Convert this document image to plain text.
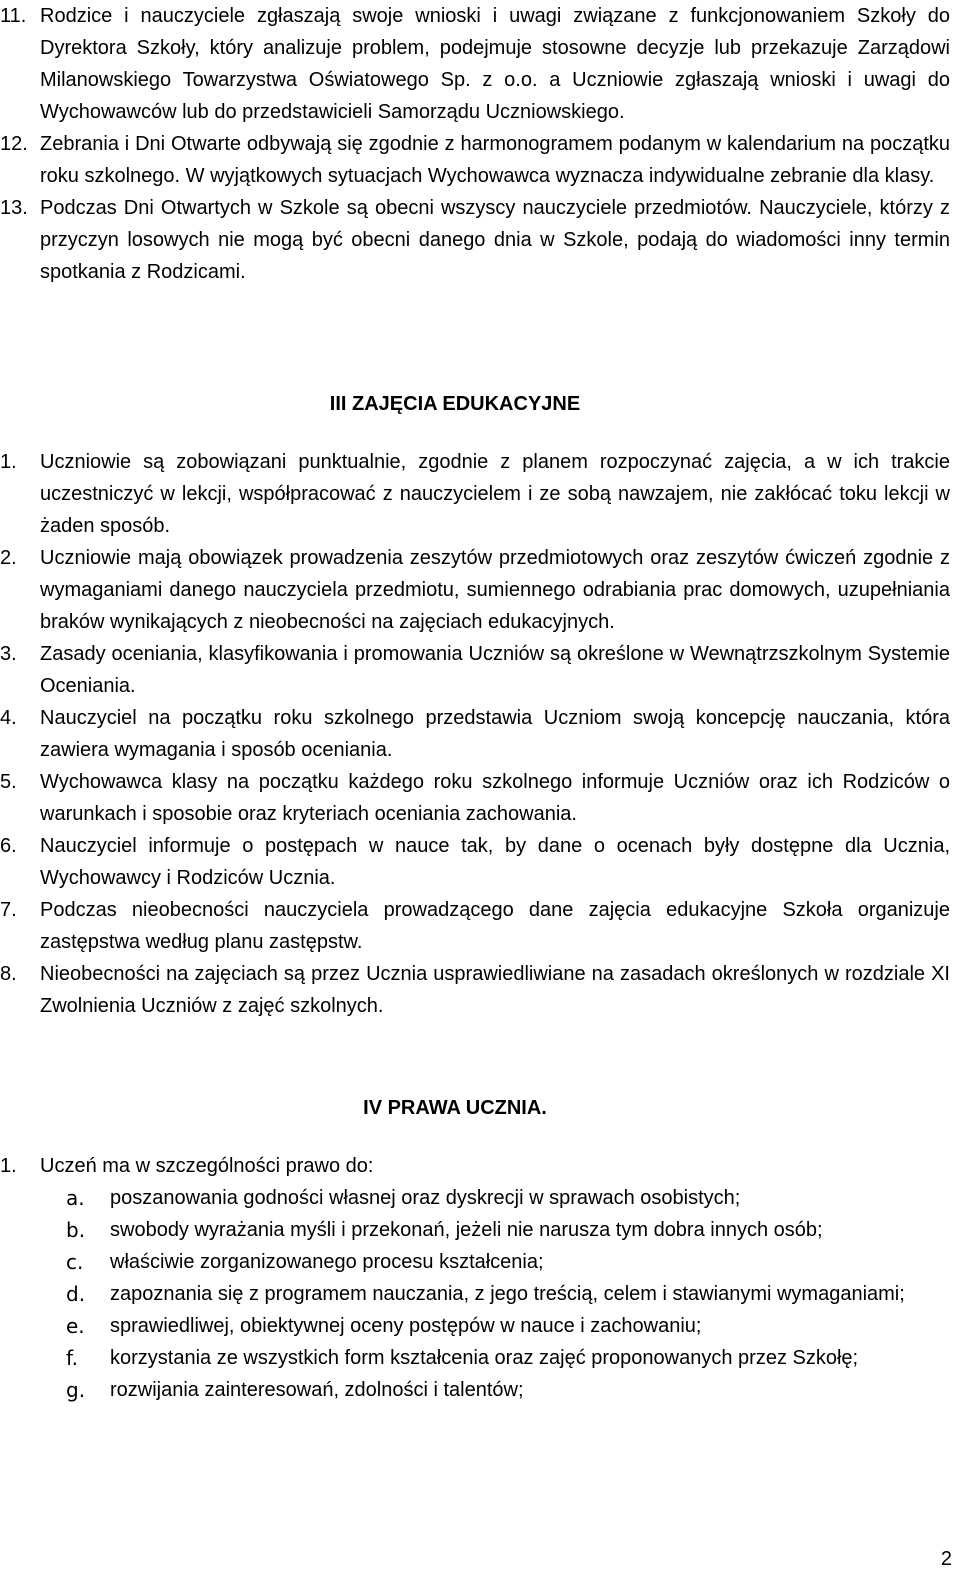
11. Rodzice i nauczyciele zgłaszają swoje wnioski i uwagi związane z funkcjonowaniem Szkoły do Dyrektora Szkoły, który analizuje problem, podejmuje stosowne decyzje lub przekazuje Zarządowi Milanowskiego Towarzystwa Oświatowego Sp. z o.o. a Uczniowie zgłaszają wnioski i uwagi do Wychowawców lub do przedstawicieli Samorządu Uczniowskiego.
12. Zebrania i Dni Otwarte odbywają się zgodnie z harmonogramem podanym w kalendarium na początku roku szkolnego. W wyjątkowych sytuacjach Wychowawca wyznacza indywidualne zebranie dla klasy.
13. Podczas Dni Otwartych w Szkole są obecni wszyscy nauczyciele przedmiotów. Nauczyciele, którzy z przyczyn losowych nie mogą być obecni danego dnia w Szkole, podają do wiadomości inny termin spotkania z Rodzicami.
III ZAJĘCIA EDUKACYJNE
1.	Uczniowie są zobowiązani punktualnie, zgodnie z planem rozpoczynać zajęcia, a w ich trakcie uczestniczyć w lekcji, współpracować z nauczycielem i ze sobą nawzajem, nie zakłócać toku lekcji w żaden sposób.
2.	Uczniowie mają obowiązek prowadzenia zeszytów przedmiotowych oraz zeszytów ćwiczeń zgodnie z wymaganiami danego nauczyciela przedmiotu, sumiennego odrabiania prac domowych, uzupełniania braków wynikających z nieobecności na zajęciach edukacyjnych.
3.	Zasady oceniania, klasyfikowania i promowania Uczniów są określone w Wewnątrzszkolnym Systemie Oceniania.
4.	Nauczyciel na początku roku szkolnego przedstawia Uczniom swoją koncepcję nauczania, która zawiera wymagania i sposób oceniania.
5.	Wychowawca klasy na początku każdego roku szkolnego informuje Uczniów oraz ich Rodziców o warunkach i sposobie oraz kryteriach oceniania zachowania.
6.	Nauczyciel informuje o postępach w nauce tak, by dane o ocenach były dostępne dla Ucznia, Wychowawcy i Rodziców Ucznia.
7.	Podczas nieobecności nauczyciela prowadzącego dane zajęcia edukacyjne Szkoła organizuje zastępstwa według planu zastępstw.
8.	Nieobecności na zajęciach są przez Ucznia usprawiedliwiane na zasadach określonych w rozdziale XI Zwolnienia Uczniów z zajęć szkolnych.
IV PRAWA UCZNIA.
1.	Uczeń ma w szczególności prawo do:
a.	poszanowania godności własnej oraz dyskrecji w sprawach osobistych;
b.	swobody wyrażania myśli i przekonań, jeżeli nie narusza tym dobra innych osób;
c.	właściwie zorganizowanego procesu kształcenia;
d.	zapoznania się z programem nauczania, z jego treścią, celem i stawianymi wymaganiami;
e.	sprawiedliwej, obiektywnej oceny postępów w nauce i zachowaniu;
f.	korzystania ze wszystkich form kształcenia oraz zajęć proponowanych przez Szkołę;
g.	rozwijania zainteresowań, zdolności i talentów;
2
